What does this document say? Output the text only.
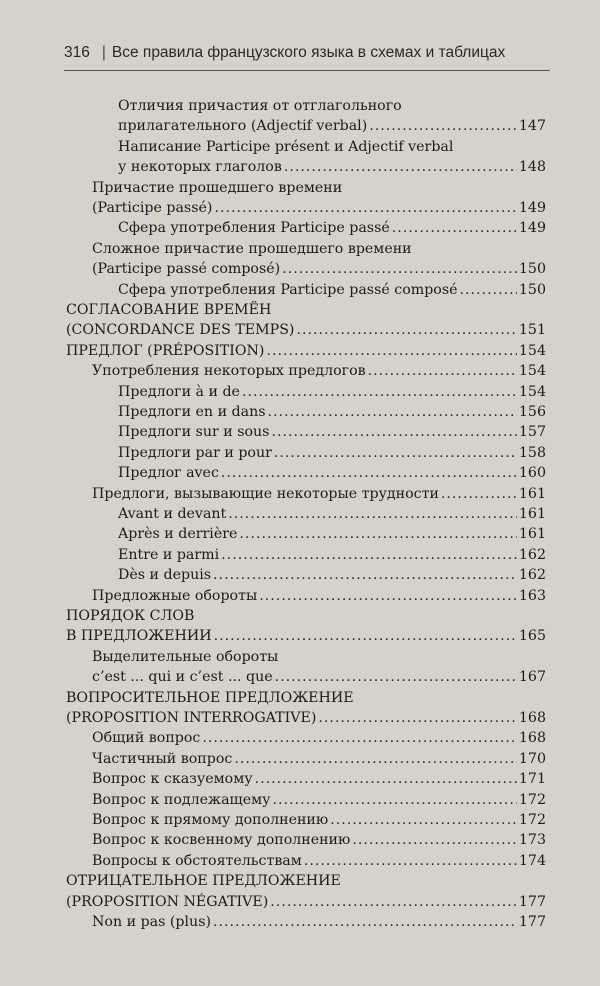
316 | Все правила французского языка в схемах и таблицах
Отличия причастия от отглагольного
прилагательного (Adjectif verbal) .....	147
Написание Participe présent и Adjectif verbal
у некоторых глаголов .....	148
Причастие прошедшего времени
(Participe passé) .....	149
Сфера употребления Participe passé .....	149
Сложное причастие прошедшего времени
(Participe passé composé) .....	150
Сфера употребления Participe passé composé .....	150
СОГЛАСОВАНИЕ ВРЕМЁН
(CONCORDANCE DES TEMPS) .....	151
ПРЕДЛОГ (PRÉPOSITION) .....	154
Употребления некоторых предлогов .....	154
Предлоги à и de .....	154
Предлоги en и dans .....	156
Предлоги sur и sous .....	157
Предлоги par и pour .....	158
Предлог avec .....	160
Предлоги, вызывающие некоторые трудности .....	161
Avant и devant .....	161
Après и derrière .....	161
Entre и parmi .....	162
Dès и depuis .....	162
Предложные обороты .....	163
ПОРЯДОК СЛОВ
В ПРЕДЛОЖЕНИИ .....	165
Выделительные обороты
c’est ... qui и c’est ... que .....	167
ВОПРОСИТЕЛЬНОЕ ПРЕДЛОЖЕНИЕ
(PROPOSITION INTERROGATIVE) .....	168
Общий вопрос .....	168
Частичный вопрос .....	170
Вопрос к сказуемому .....	171
Вопрос к подлежащему .....	172
Вопрос к прямому дополнению .....	172
Вопрос к косвенному дополнению .....	173
Вопросы к обстоятельствам .....	174
ОТРИЦАТЕЛЬНОЕ ПРЕДЛОЖЕНИЕ
(PROPOSITION NÉGATIVE) .....	177
Non и pas (plus) .....	177
